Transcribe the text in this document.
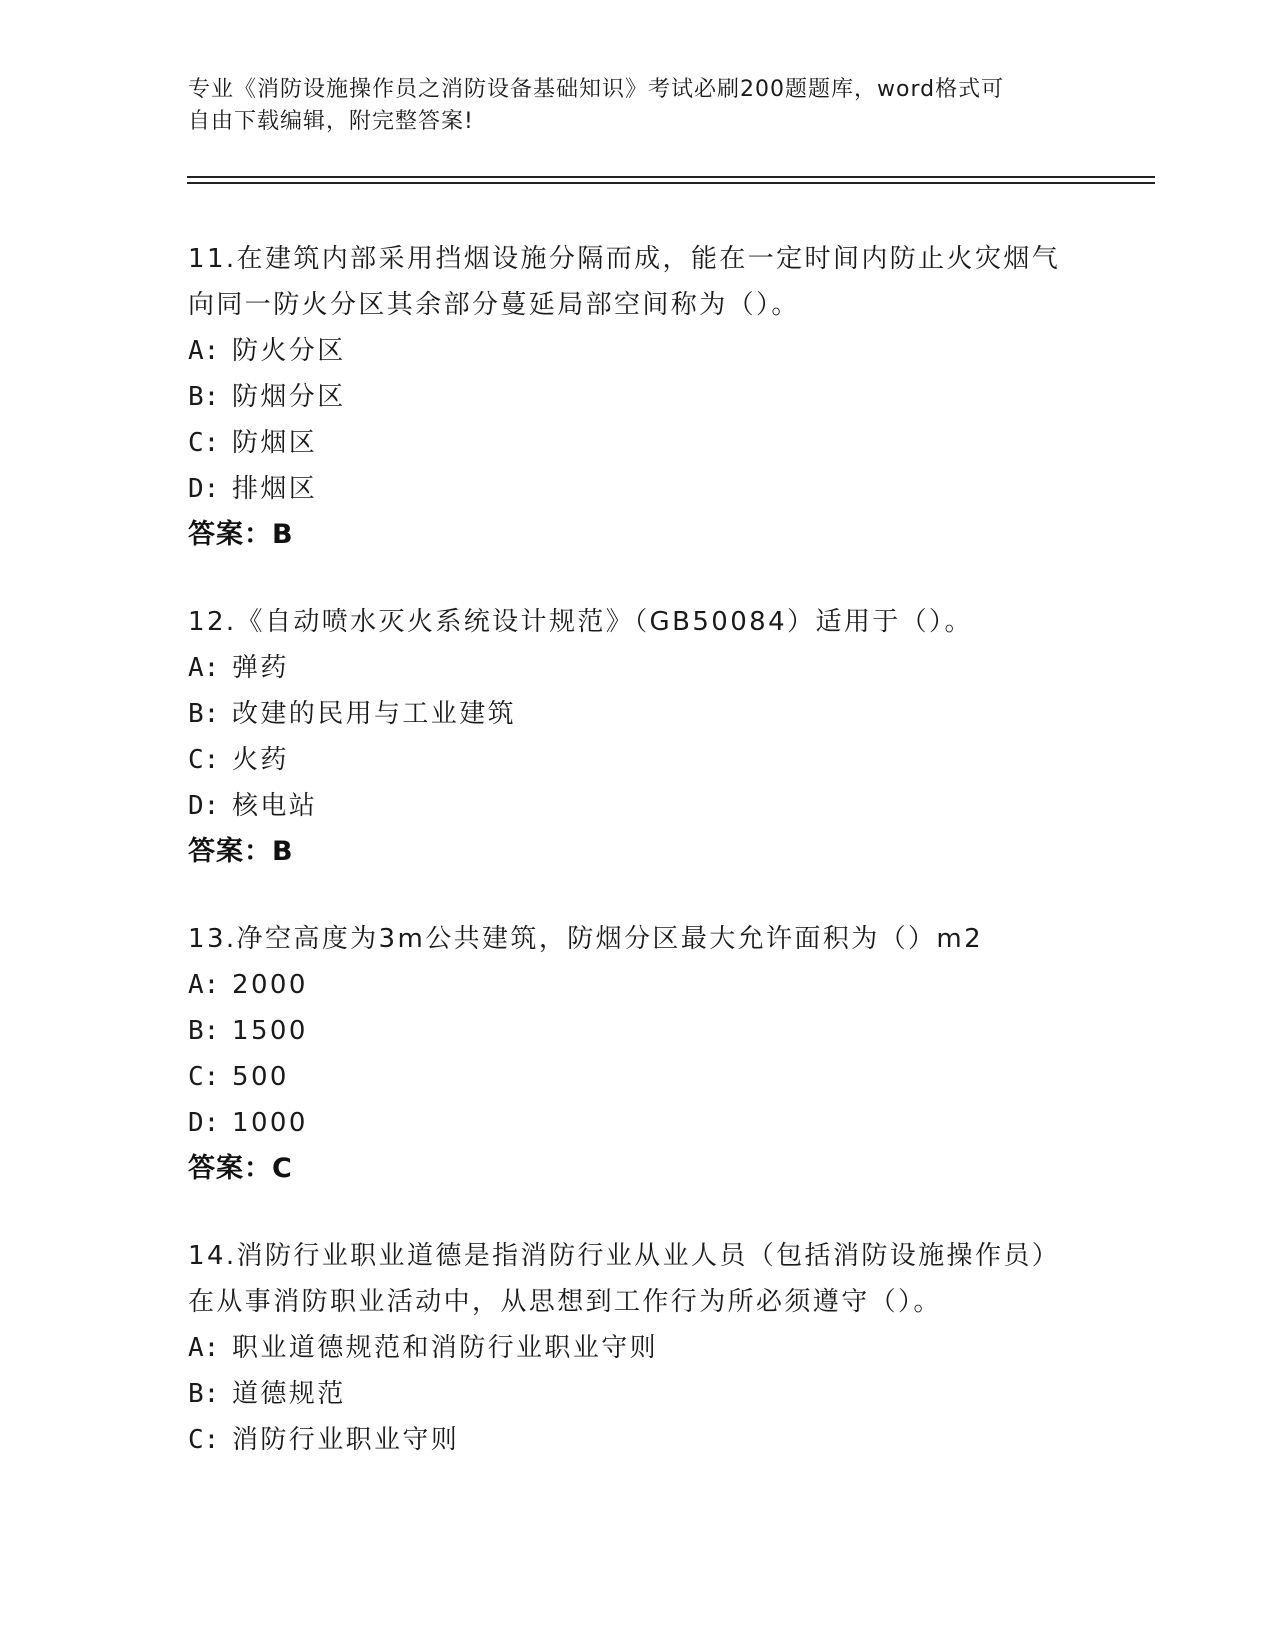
专业《消防设施操作员之消防设备基础知识》考试必刷200题题库，word格式可
自由下载编辑，附完整答案!

11.在建筑内部采用挡烟设施分隔而成，能在一定时间内防止火灾烟气

向同一防火分区其余部分蔓延局部空间称为（）。

A: 防火分区

B: 防烟分区

C: 防烟区

D: 排烟区

答案：B

12.《自动喷水灭火系统设计规范》（GB50084）适用于（）。

A: 弹药

B: 改建的民用与工业建筑

C: 火药

D: 核电站

答案：B

13.净空高度为3m公共建筑，防烟分区最大允许面积为（）m2

A: 2000

B: 1500

C: 500

D: 1000

答案：C

14.消防行业职业道德是指消防行业从业人员（包括消防设施操作员）

在从事消防职业活动中，从思想到工作行为所必须遵守（）。

A: 职业道德规范和消防行业职业守则

B: 道德规范

C: 消防行业职业守则
